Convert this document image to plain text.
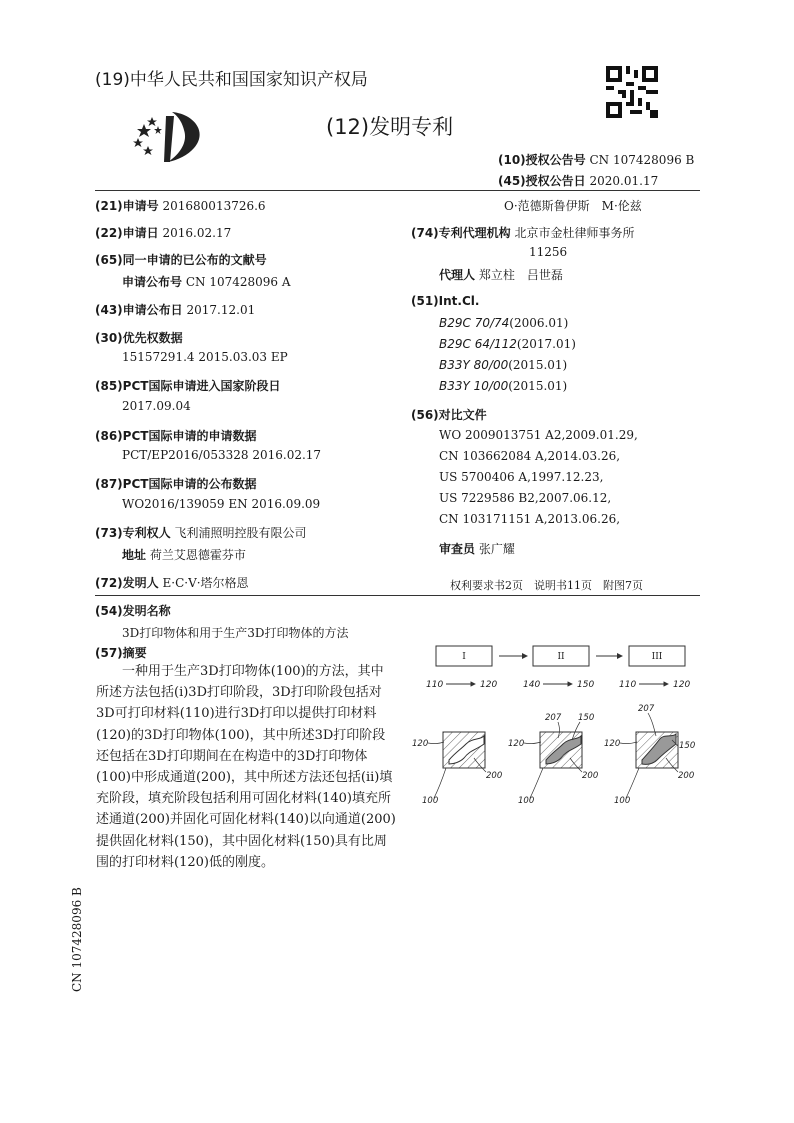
(19)中华人民共和国国家知识产权局
(12)发明专利
(10)授权公告号 CN 107428096 B
(45)授权公告日 2020.01.17
(21)申请号 201680013726.6
(22)申请日 2016.02.17
(65)同一申请的已公布的文献号
申请公布号 CN 107428096 A
(43)申请公布日 2017.12.01
(30)优先权数据
15157291.4 2015.03.03 EP
(85)PCT国际申请进入国家阶段日
2017.09.04
(86)PCT国际申请的申请数据
PCT/EP2016/053328 2016.02.17
(87)PCT国际申请的公布数据
WO2016/139059 EN 2016.09.09
(73)专利权人 飞利浦照明控股有限公司
地址 荷兰艾恩德霍芬市
(72)发明人 E·C·V·塔尔格恩
O·范德斯鲁伊斯　M·伦兹
(74)专利代理机构 北京市金杜律师事务所
11256
代理人 郑立柱　吕世磊
(51)Int.Cl.
B29C 70/74(2006.01)
B29C 64/112(2017.01)
B33Y 80/00(2015.01)
B33Y 10/00(2015.01)
(56)对比文件
WO 2009013751 A2,2009.01.29,
CN 103662084 A,2014.03.26,
US 5700406 A,1997.12.23,
US 7229586 B2,2007.06.12,
CN 103171151 A,2013.06.26,
审查员 张广耀
权利要求书2页　说明书11页　附图7页
(54)发明名称
3D打印物体和用于生产3D打印物体的方法
(57)摘要
一种用于生产3D打印物体(100)的方法，其中所述方法包括(i)3D打印阶段，3D打印阶段包括对3D可打印材料(110)进行3D打印以提供打印材料(120)的3D打印物体(100)，其中所述3D打印阶段还包括在3D打印期间在在构造中的3D打印物体(100)中形成通道(200)，其中所述方法还包括(ii)填充阶段，填充阶段包括利用可固化材料(140)填充所述通道(200)并固化可固化材料(140)以向通道(200)提供固化材料(150)，其中固化材料(150)具有比周围的打印材料(120)低的刚度。
I	II	III
110	120	140	150	110	120
120
200
100
120
207 150
200
100
120
207
150
200
100
CN 107428096 B
